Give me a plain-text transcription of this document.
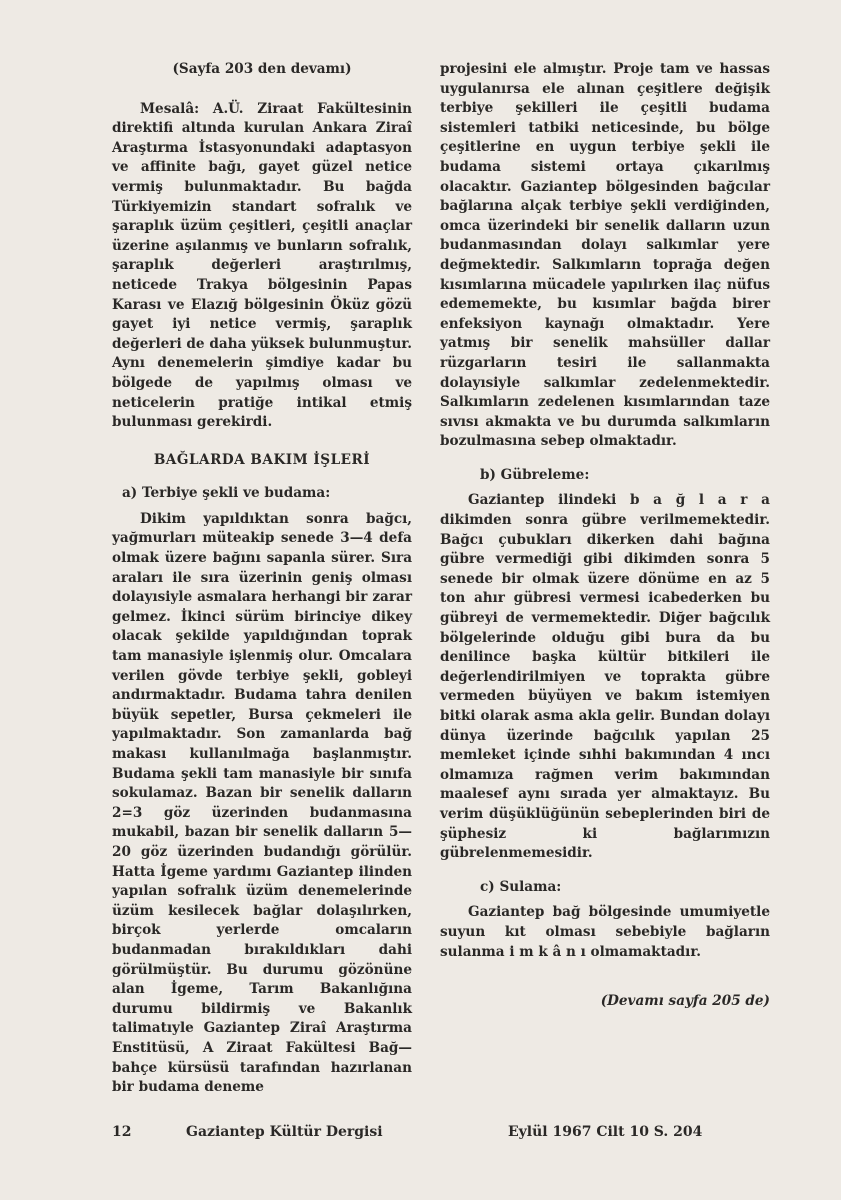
(Sayfa 203 den devamı)

Mesalâ: A.Ü. Ziraat Fakültesinin direktifi altında kurulan Ankara Ziraî Araştırma İstasyonundaki adaptasyon ve affinite bağı, gayet güzel netice vermiş bulunmaktadır. Bu bağda Türkiyemizin standart sofralık ve şaraplık üzüm çeşitleri, çeşitli anaçlar üzerine aşılanmış ve bunların sofralık, şaraplık değerleri araştırılmış, neticede Trakya bölgesinin Papas Karası ve Elazığ bölgesinin Öküz gözü gayet iyi netice vermiş, şaraplık değerleri de daha yüksek bulunmuştur. Aynı denemelerin şimdiye kadar bu bölgede de yapılmış olması ve neticelerin pratiğe intikal etmiş bulunması gerekirdi.

BAĞLARDA BAKIM İŞLERİ
a) Terbiye şekli ve budama:

Dikim yapıldıktan sonra bağcı, yağmurları müteakip senede 3—4 defa olmak üzere bağını sapanla sürer. Sıra araları ile sıra üzerinin geniş olması dolayısiyle asmalara herhangi bir zarar gelmez. İkinci sürüm birinciye dikey olacak şekilde yapıldığından toprak tam manasiyle işlenmiş olur. Omcalara verilen gövde terbiye şekli, gobleyi andırmaktadır. Budama tahra denilen büyük sepetler, Bursa çekmeleri ile yapılmaktadır. Son zamanlarda bağ makası kullanılmağa başlanmıştır. Budama şekli tam manasiyle bir sınıfa sokulamaz. Bazan bir senelik dalların 2=3 göz üzerinden budanmasına mukabil, bazan bir senelik dalların 5—20 göz üzerinden budandığı görülür. Hatta İgeme yardımı Gaziantep ilinden yapılan sofralık üzüm denemelerinde üzüm kesilecek bağlar dolaşılırken, birçok yerlerde omcaların budanmadan bırakıldıkları dahi görülmüştür. Bu durumu gözönüne alan İgeme, Tarım Bakanlığına durumu bildirmiş ve Bakanlık talimatıyle Gaziantep Ziraî Araştırma Enstitüsü, A Ziraat Fakültesi Bağ— bahçe kürsüsü tarafından hazırlanan bir budama deneme

projesini ele almıştır. Proje tam ve hassas uygulanırsa ele alınan çeşitlere değişik terbiye şekilleri ile çeşitli budama sistemleri tatbiki neticesinde, bu bölge çeşitlerine en uygun terbiye şekli ile budama sistemi ortaya çıkarılmış olacaktır. Gaziantep bölgesinden bağcılar bağlarına alçak terbiye şekli verdiğinden, omca üzerindeki bir senelik dalların uzun budanmasından dolayı salkımlar yere değmektedir. Salkımların toprağa değen kısımlarına mücadele yapılırken ilaç nüfus edememekte, bu kısımlar bağda birer enfeksiyon kaynağı olmaktadır. Yere yatmış bir senelik mahsüller dallar rüzgarların tesiri ile sallanmakta dolayısiyle salkımlar zedelenmektedir. Salkımların zedelenen kısımlarından taze sıvısı akmakta ve bu durumda salkımların bozulmasına sebep olmaktadır.

b) Gübreleme:

Gaziantep ilindeki b a ğ l a r a dikimden sonra gübre verilmemektedir. Bağcı çubukları dikerken dahi bağına gübre vermediği gibi dikimden sonra 5 senede bir olmak üzere dönüme en az 5 ton ahır gübresi vermesi icabederken bu gübreyi de vermemektedir. Diğer bağcılık bölgelerinde olduğu gibi bura da bu denilince başka kültür bitkileri ile değerlendirilmiyen ve toprakta gübre vermeden büyüyen ve bakım istemiyen bitki olarak asma akla gelir. Bundan dolayı dünya üzerinde bağcılık yapılan 25 memleket içinde sıhhi bakımından 4 ıncı olmamıza rağmen verim bakımından maalesef aynı sırada yer almaktayız. Bu verim düşüklüğünün sebeplerinden biri de şüphesiz ki bağlarımızın gübrelenmemesidir.

c) Sulama:

Gaziantep bağ bölgesinde umumiyetle suyun kıt olması sebebiyle bağların sulanma i m k â n ı olmamaktadır.

(Devamı sayfa 205 de)
12	Gaziantep Kültür Dergisi	Eylül 1967 Cilt 10 S. 204
